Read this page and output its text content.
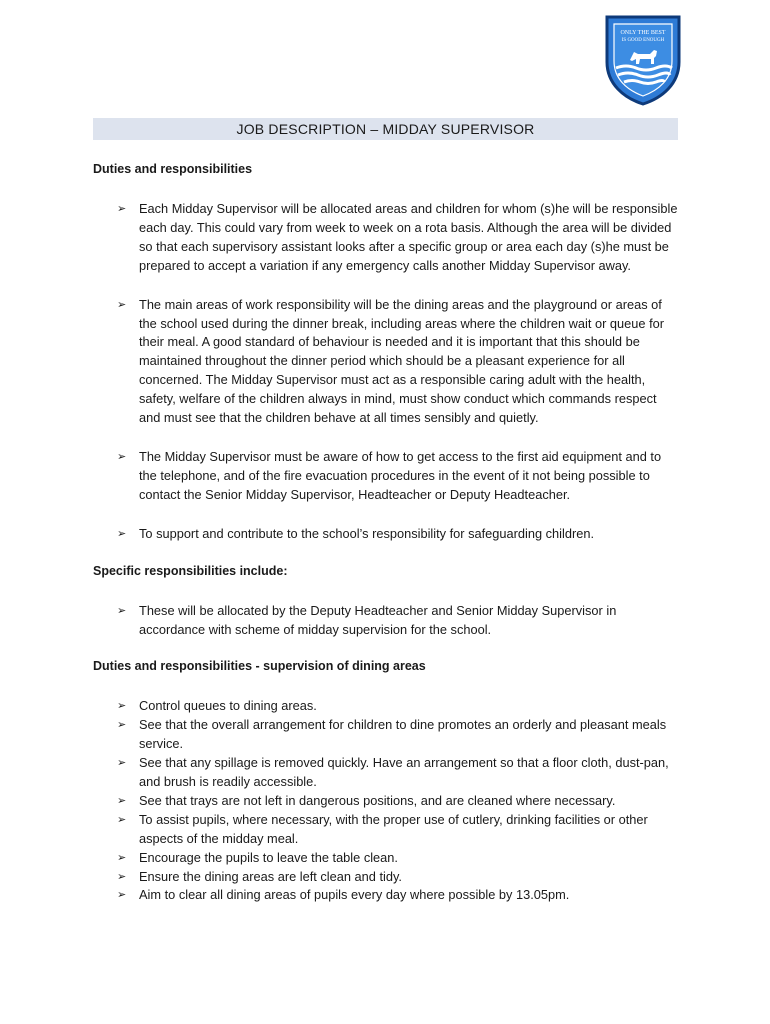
ONLY THE BEST
IS GOOD ENOUGH
JOB DESCRIPTION – MIDDAY SUPERVISOR
Duties and responsibilities
➢ Each Midday Supervisor will be allocated areas and children for whom (s)he will be responsible each day. This could vary from week to week on a rota basis. Although the area will be divided so that each supervisory assistant looks after a specific group or area each day (s)he must be prepared to accept a variation if any emergency calls another Midday Supervisor away.
➢ The main areas of work responsibility will be the dining areas and the playground or areas of the school used during the dinner break, including areas where the children wait or queue for their meal. A good standard of behaviour is needed and it is important that this should be maintained throughout the dinner period which should be a pleasant experience for all concerned. The Midday Supervisor must act as a responsible caring adult with the health, safety, welfare of the children always in mind, must show conduct which commands respect and must see that the children behave at all times sensibly and quietly.
➢ The Midday Supervisor must be aware of how to get access to the first aid equipment and to the telephone, and of the fire evacuation procedures in the event of it not being possible to contact the Senior Midday Supervisor, Headteacher or Deputy Headteacher.
➢ To support and contribute to the school’s responsibility for safeguarding children.
Specific responsibilities include:
➢ These will be allocated by the Deputy Headteacher and Senior Midday Supervisor in accordance with scheme of midday supervision for the school.
Duties and responsibilities - supervision of dining areas
➢ Control queues to dining areas.
➢ See that the overall arrangement for children to dine promotes an orderly and pleasant meals service.
➢ See that any spillage is removed quickly. Have an arrangement so that a floor cloth, dust-pan, and brush is readily accessible.
➢ See that trays are not left in dangerous positions, and are cleaned where necessary.
➢ To assist pupils, where necessary, with the proper use of cutlery, drinking facilities or other aspects of the midday meal.
➢ Encourage the pupils to leave the table clean.
➢ Ensure the dining areas are left clean and tidy.
➢ Aim to clear all dining areas of pupils every day where possible by 13.05pm.
